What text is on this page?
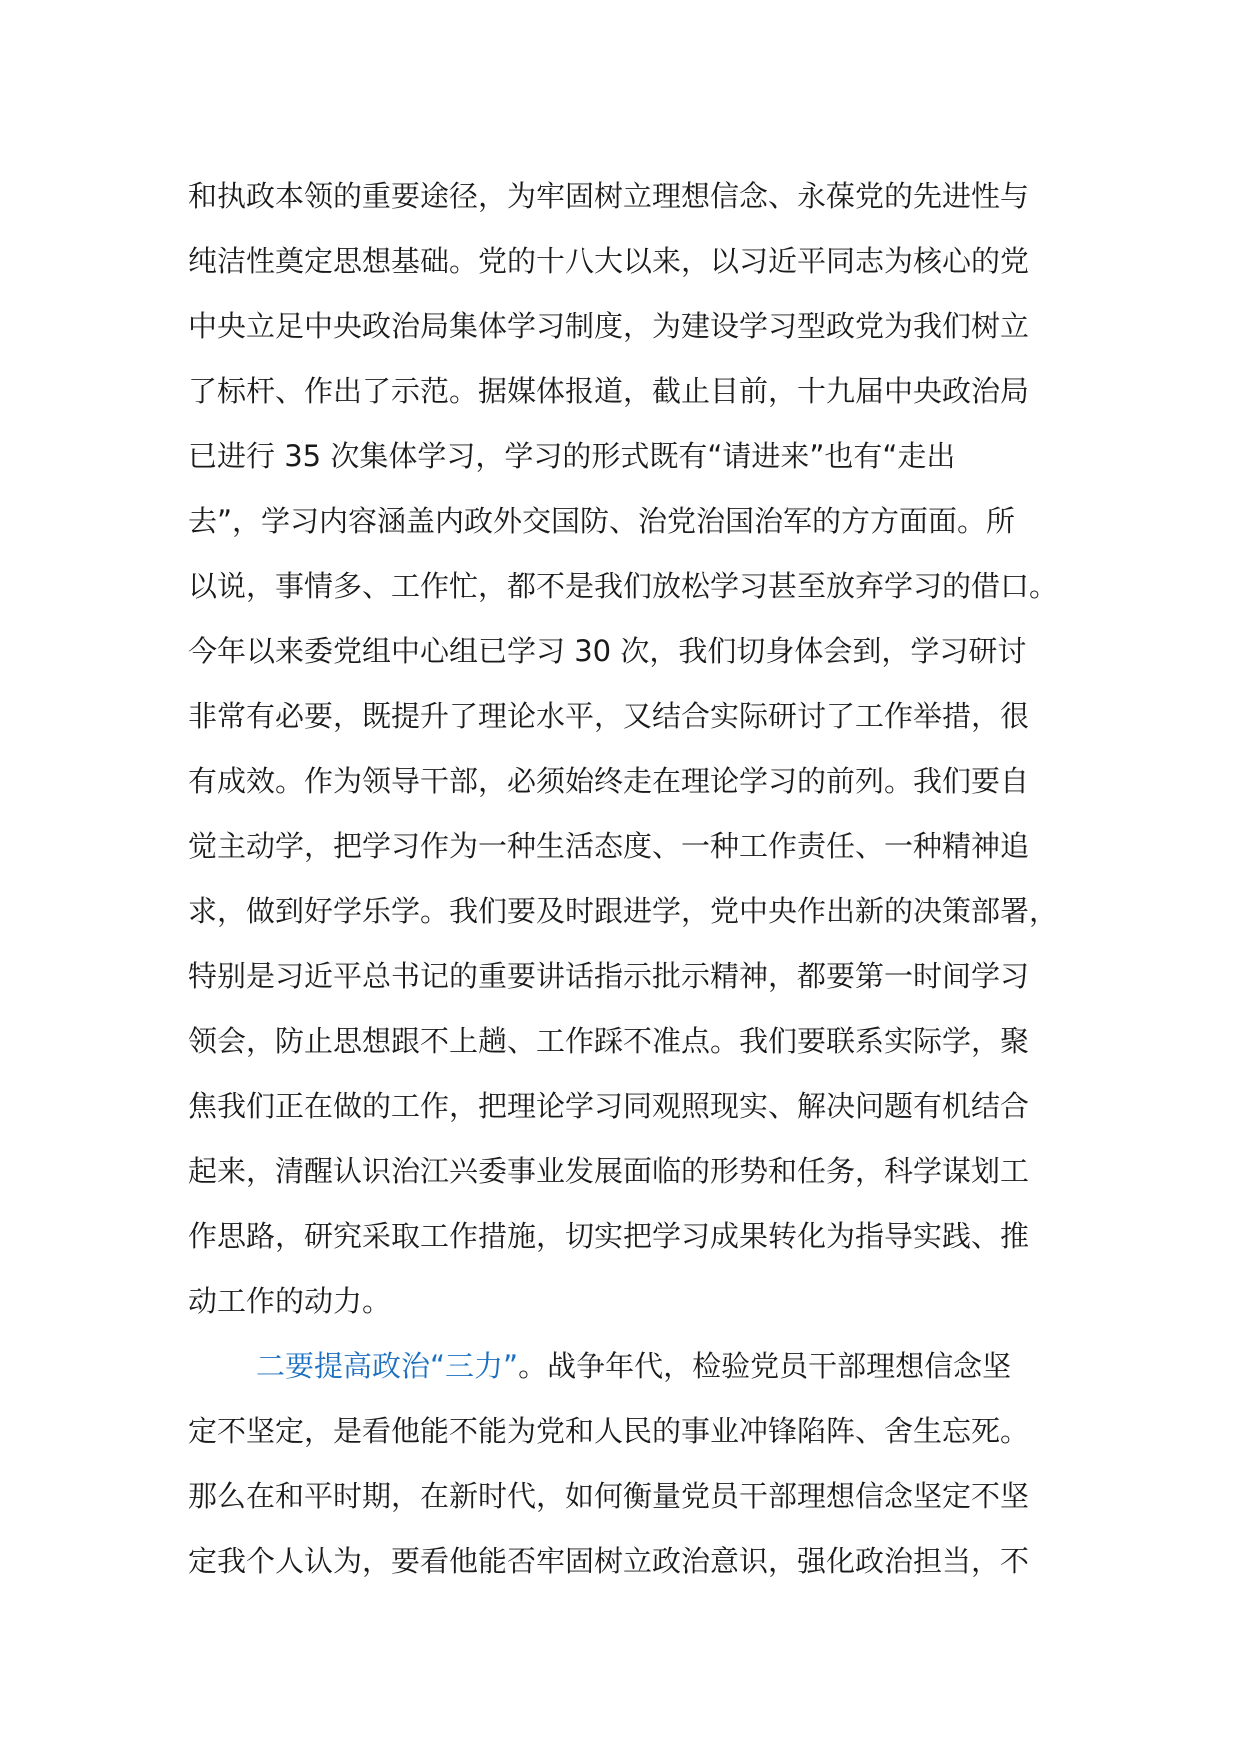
和执政本领的重要途径，为牢固树立理想信念、永葆党的先进性与
纯洁性奠定思想基础。党的十八大以来，以习近平同志为核心的党
中央立足中央政治局集体学习制度，为建设学习型政党为我们树立
了标杆、作出了示范。据媒体报道，截止目前，十九届中央政治局
已进行 35 次集体学习，学习的形式既有“请进来”也有“走出
去”，学习内容涵盖内政外交国防、治党治国治军的方方面面。所
以说，事情多、工作忙，都不是我们放松学习甚至放弃学习的借口。
今年以来委党组中心组已学习 30 次，我们切身体会到，学习研讨
非常有必要，既提升了理论水平，又结合实际研讨了工作举措，很
有成效。作为领导干部，必须始终走在理论学习的前列。我们要自
觉主动学，把学习作为一种生活态度、一种工作责任、一种精神追
求，做到好学乐学。我们要及时跟进学，党中央作出新的决策部署，
特别是习近平总书记的重要讲话指示批示精神，都要第一时间学习
领会，防止思想跟不上趟、工作踩不准点。我们要联系实际学，聚
焦我们正在做的工作，把理论学习同观照现实、解决问题有机结合
起来，清醒认识治江兴委事业发展面临的形势和任务，科学谋划工
作思路，研究采取工作措施，切实把学习成果转化为指导实践、推
动工作的动力。
二要提高政治“三力”。战争年代，检验党员干部理想信念坚
定不坚定，是看他能不能为党和人民的事业冲锋陷阵、舍生忘死。
那么在和平时期，在新时代，如何衡量党员干部理想信念坚定不坚
定我个人认为，要看他能否牢固树立政治意识，强化政治担当，不
